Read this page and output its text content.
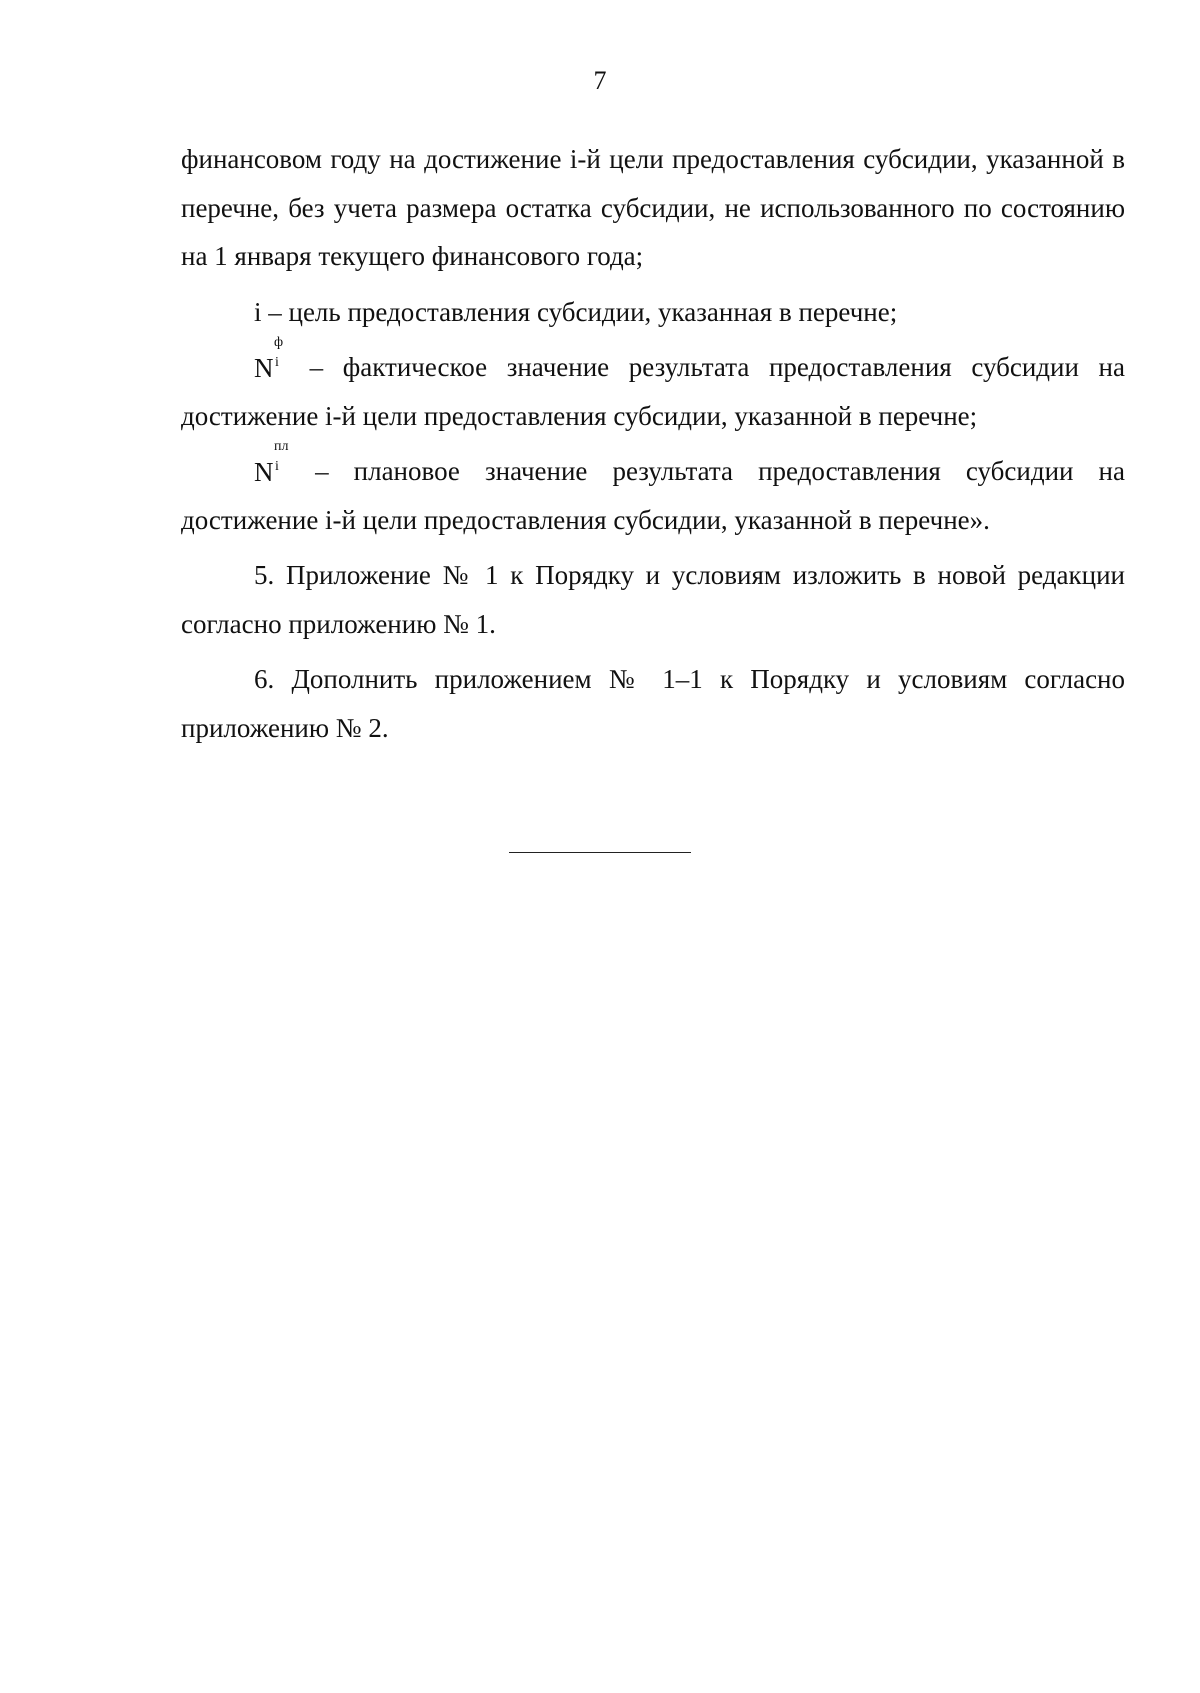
7

финансовом году на достижение і-й цели предоставления субсидии, указанной в перечне, без учета размера остатка субсидии, не использованного по состоянию на 1 января текущего финансового года;

і – цель предоставления субсидии, указанная в перечне;

N
ф
і – фактическое значение результата предоставления субсидии на достижение і-й цели предоставления субсидии, указанной в перечне;

N
пл
і – плановое значение результата предоставления субсидии на достижение і-й цели предоставления субсидии, указанной в перечне».

5. Приложение № 1 к Порядку и условиям изложить в новой редакции согласно приложению № 1.

6. Дополнить приложением № 1–1 к Порядку и условиям согласно приложению № 2.
